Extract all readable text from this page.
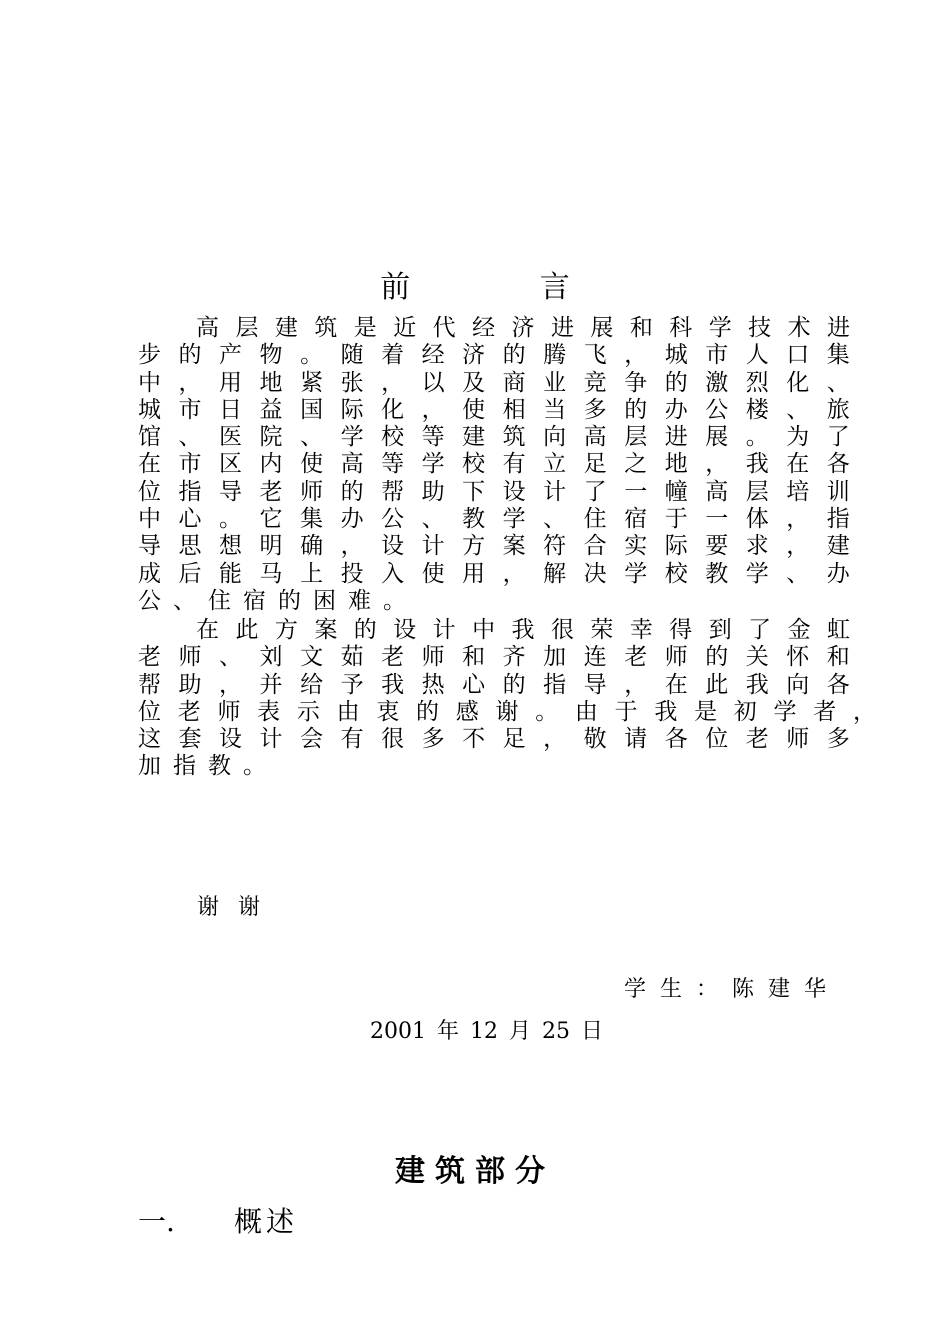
前 言
高 层 建 筑 是 近 代 经 济 进 展 和 科 学 技 术 进
步 的 产 物 。 随 着 经 济 的 腾 飞 ， 城 市 人 口 集
中 ， 用 地 紧 张 ， 以 及 商 业 竞 争 的 激 烈 化 、
城 市 日 益 国 际 化 ， 使 相 当 多 的 办 公 楼 、 旅
馆 、 医 院 、 学 校 等 建 筑 向 高 层 进 展 。 为 了
在 市 区 内 使 高 等 学 校 有 立 足 之 地 ， 我 在 各
位 指 导 老 师 的 帮 助 下 设 计 了 一 幢 高 层 培 训
中 心 。 它 集 办 公 、 教 学 、 住 宿 于 一 体 ， 指
导 思 想 明 确 ， 设 计 方 案 符 合 实 际 要 求 ， 建
成 后 能 马 上 投 入 使 用 ， 解 决 学 校 教 学 、 办
公、住宿的困难。
在 此 方 案 的 设 计 中 我 很 荣 幸 得 到 了 金 虹
老 师 、 刘 文 茹 老 师 和 齐 加 连 老 师 的 关 怀 和
帮 助 ， 并 给 予 我 热 心 的 指 导 ， 在 此 我 向 各
位 老 师 表 示 由 衷 的 感 谢 。 由 于 我 是 初 学 者 ，
这 套 设 计 会 有 很 多 不 足 ， 敬 请 各 位 老 师 多
加指教。
谢 谢
学生：陈建华
2001 年 12 月 25 日
建筑部分
一. 概述
